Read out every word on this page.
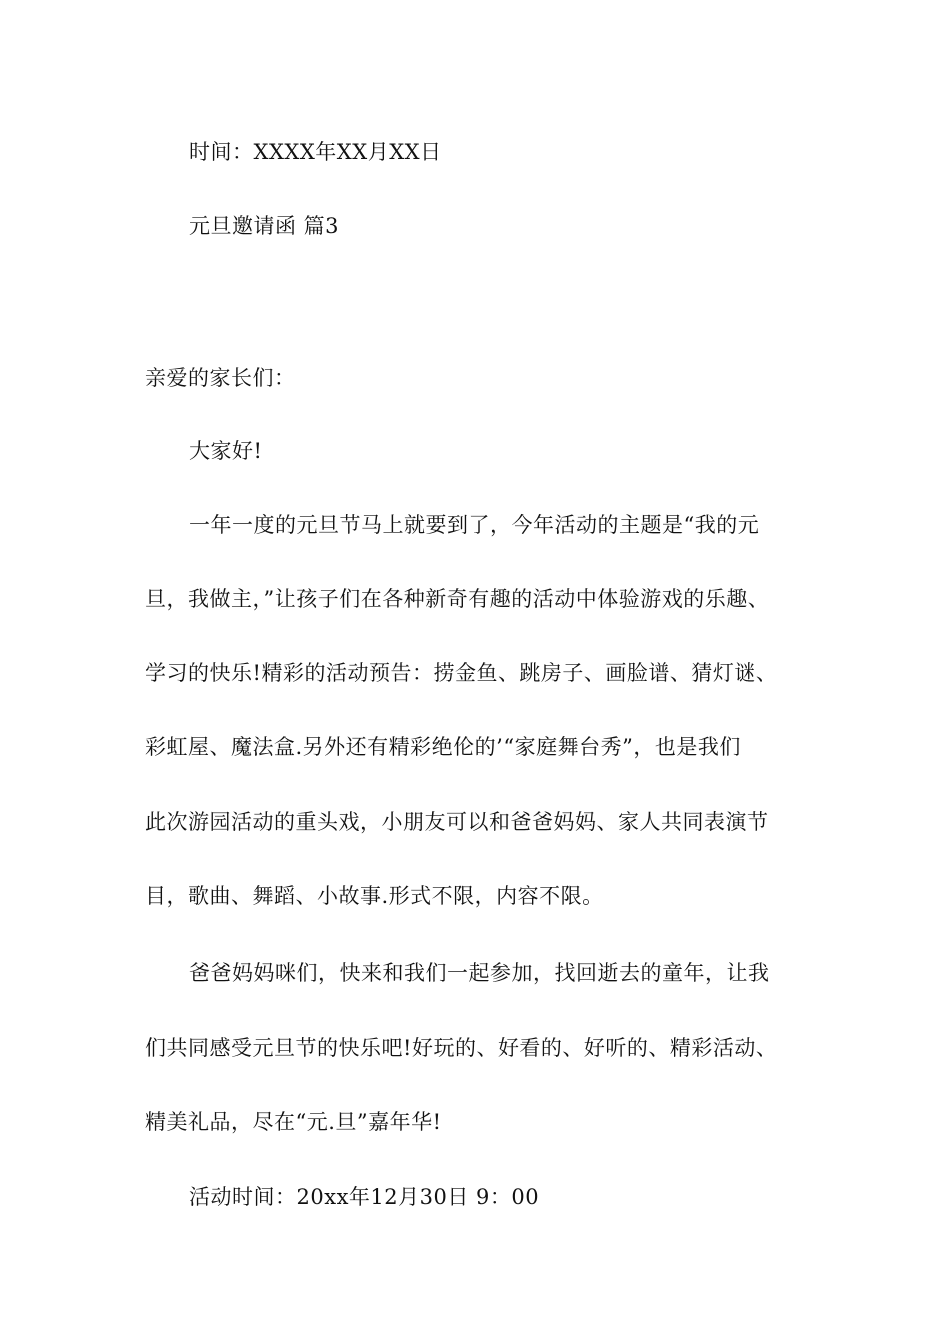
时间：XXXX年XX月XX日
元旦邀请函 篇3
亲爱的家长们：
大家好!
一年一度的元旦节马上就要到了，今年活动的主题是“我的元
旦，我做主，”让孩子们在各种新奇有趣的活动中体验游戏的乐趣、
学习的快乐!精彩的活动预告：捞金鱼、跳房子、画脸谱、猜灯谜、
彩虹屋、魔法盒.另外还有精彩绝伦的’“家庭舞台秀”，也是我们
此次游园活动的重头戏，小朋友可以和爸爸妈妈、家人共同表演节
目，歌曲、舞蹈、小故事.形式不限，内容不限。
爸爸妈妈咪们，快来和我们一起参加，找回逝去的童年，让我
们共同感受元旦节的快乐吧!好玩的、好看的、好听的、精彩活动、
精美礼品，尽在“元.旦”嘉年华!
活动时间：20xx年12月30日 9：00
